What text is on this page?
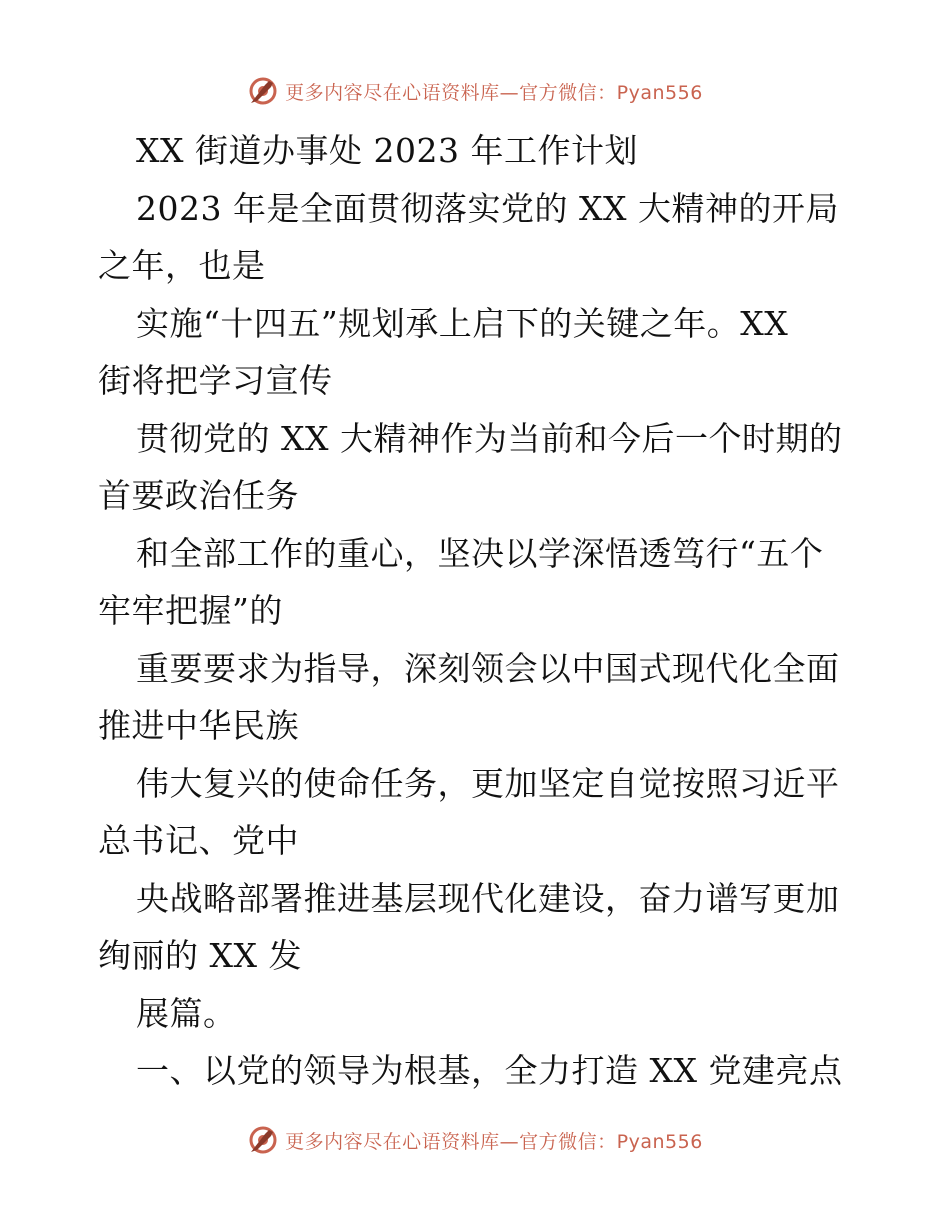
更多内容尽在心语资料库—官方微信：Pyan556
XX 街道办事处 2023 年工作计划
2023 年是全面贯彻落实党的 XX 大精神的开局
之年，也是
实施“十四五”规划承上启下的关键之年。XX
街将把学习宣传
贯彻党的 XX 大精神作为当前和今后一个时期的
首要政治任务
和全部工作的重心，坚决以学深悟透笃行“五个
牢牢把握”的
重要要求为指导，深刻领会以中国式现代化全面
推进中华民族
伟大复兴的使命任务，更加坚定自觉按照习近平
总书记、党中
央战略部署推进基层现代化建设，奋力谱写更加
绚丽的 XX 发
展篇。
一、以党的领导为根基，全力打造 XX 党建亮点
更多内容尽在心语资料库—官方微信：Pyan556
